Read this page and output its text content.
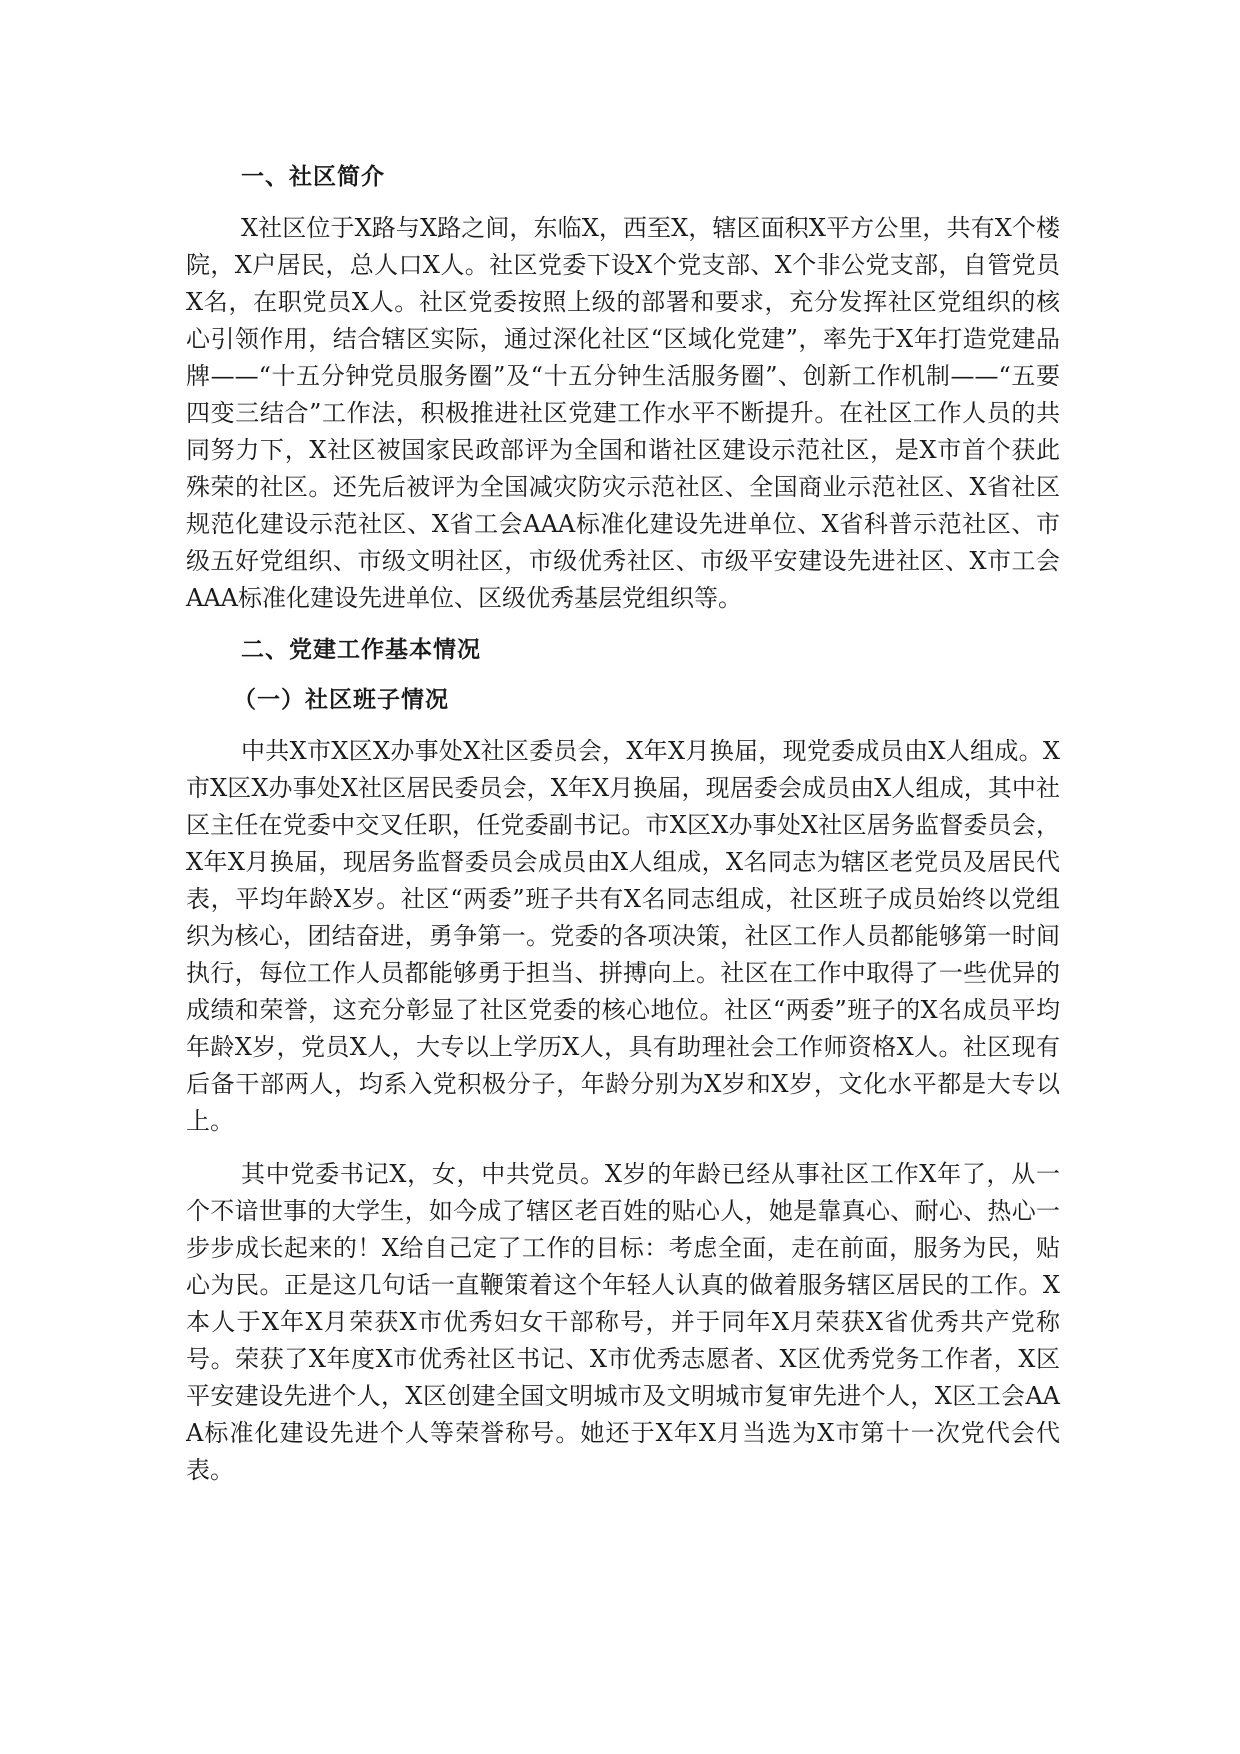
一、社区简介

X社区位于X路与X路之间，东临X，西至X，辖区面积X平方公里，共有X个楼院，X户居民，总人口X人。社区党委下设X个党支部、X个非公党支部，自管党员X名，在职党员X人。社区党委按照上级的部署和要求，充分发挥社区党组织的核心引领作用，结合辖区实际，通过深化社区“区域化党建”，率先于X年打造党建品牌——“十五分钟党员服务圈”及“十五分钟生活服务圈”、创新工作机制——“五要四变三结合”工作法，积极推进社区党建工作水平不断提升。在社区工作人员的共同努力下，X社区被国家民政部评为全国和谐社区建设示范社区，是X市首个获此殊荣的社区。还先后被评为全国减灾防灾示范社区、全国商业示范社区、X省社区规范化建设示范社区、X省工会AAA标准化建设先进单位、X省科普示范社区、市级五好党组织、市级文明社区，市级优秀社区、市级平安建设先进社区、X市工会AAA标准化建设先进单位、区级优秀基层党组织等。

二、党建工作基本情况
（一）社区班子情况

中共X市X区X办事处X社区委员会，X年X月换届，现党委成员由X人组成。X市X区X办事处X社区居民委员会，X年X月换届，现居委会成员由X人组成，其中社区主任在党委中交叉任职，任党委副书记。市X区X办事处X社区居务监督委员会，X年X月换届，现居务监督委员会成员由X人组成，X名同志为辖区老党员及居民代表，平均年龄X岁。社区“两委”班子共有X名同志组成，社区班子成员始终以党组织为核心，团结奋进，勇争第一。党委的各项决策，社区工作人员都能够第一时间执行，每位工作人员都能够勇于担当、拼搏向上。社区在工作中取得了一些优异的成绩和荣誉，这充分彰显了社区党委的核心地位。社区“两委”班子的X名成员平均年龄X岁，党员X人，大专以上学历X人，具有助理社会工作师资格X人。社区现有后备干部两人，均系入党积极分子，年龄分别为X岁和X岁，文化水平都是大专以上。

其中党委书记X，女，中共党员。X岁的年龄已经从事社区工作X年了，从一个不谙世事的大学生，如今成了辖区老百姓的贴心人，她是靠真心、耐心、热心一步步成长起来的！X给自己定了工作的目标：考虑全面，走在前面，服务为民，贴心为民。正是这几句话一直鞭策着这个年轻人认真的做着服务辖区居民的工作。X本人于X年X月荣获X市优秀妇女干部称号，并于同年X月荣获X省优秀共产党称号。荣获了X年度X市优秀社区书记、X市优秀志愿者、X区优秀党务工作者，X区平安建设先进个人，X区创建全国文明城市及文明城市复审先进个人，X区工会AAA标准化建设先进个人等荣誉称号。她还于X年X月当选为X市第十一次党代会代表。
